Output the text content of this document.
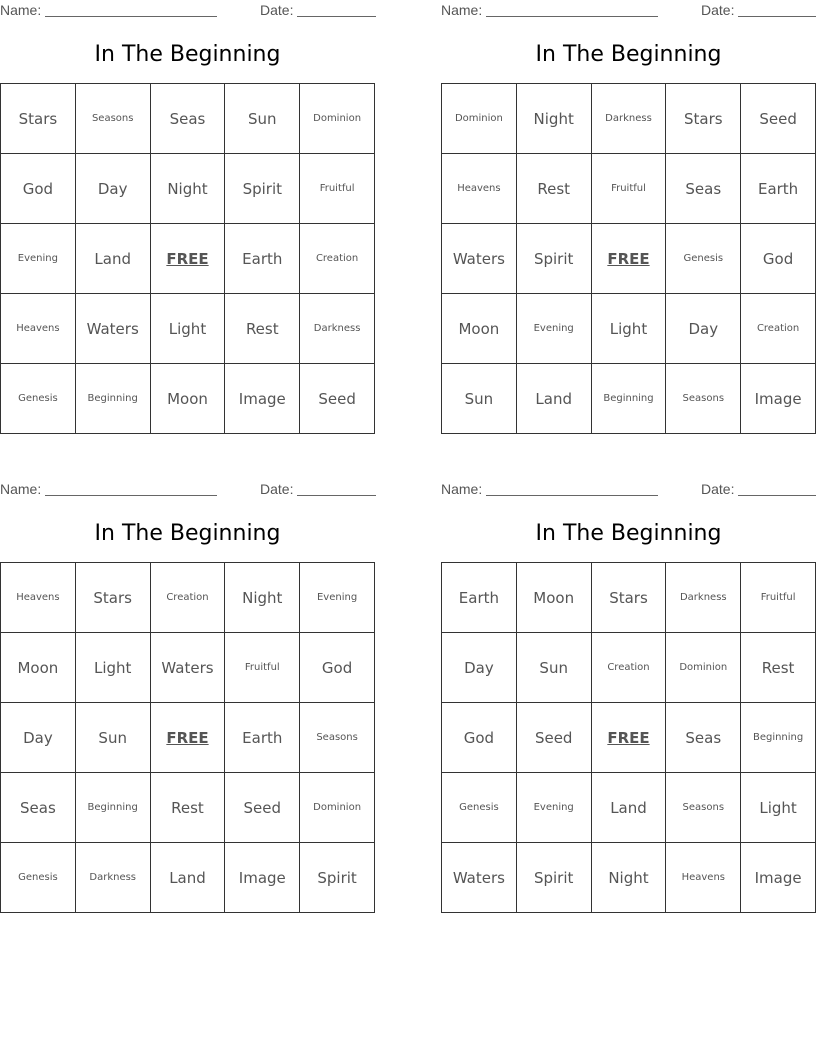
Name:	Date:
In The Beginning
Stars	Seasons	Seas	Sun	Dominion
God	Day	Night	Spirit	Fruitful
Evening	Land	FREE	Earth	Creation
Heavens	Waters	Light	Rest	Darkness
Genesis	Beginning	Moon	Image	Seed
Name:	Date:
In The Beginning
Dominion	Night	Darkness	Stars	Seed
Heavens	Rest	Fruitful	Seas	Earth
Waters	Spirit	FREE	Genesis	God
Moon	Evening	Light	Day	Creation
Sun	Land	Beginning	Seasons	Image
Name:	Date:
In The Beginning
Heavens	Stars	Creation	Night	Evening
Moon	Light	Waters	Fruitful	God
Day	Sun	FREE	Earth	Seasons
Seas	Beginning	Rest	Seed	Dominion
Genesis	Darkness	Land	Image	Spirit
Name:	Date:
In The Beginning
Earth	Moon	Stars	Darkness	Fruitful
Day	Sun	Creation	Dominion	Rest
God	Seed	FREE	Seas	Beginning
Genesis	Evening	Land	Seasons	Light
Waters	Spirit	Night	Heavens	Image
